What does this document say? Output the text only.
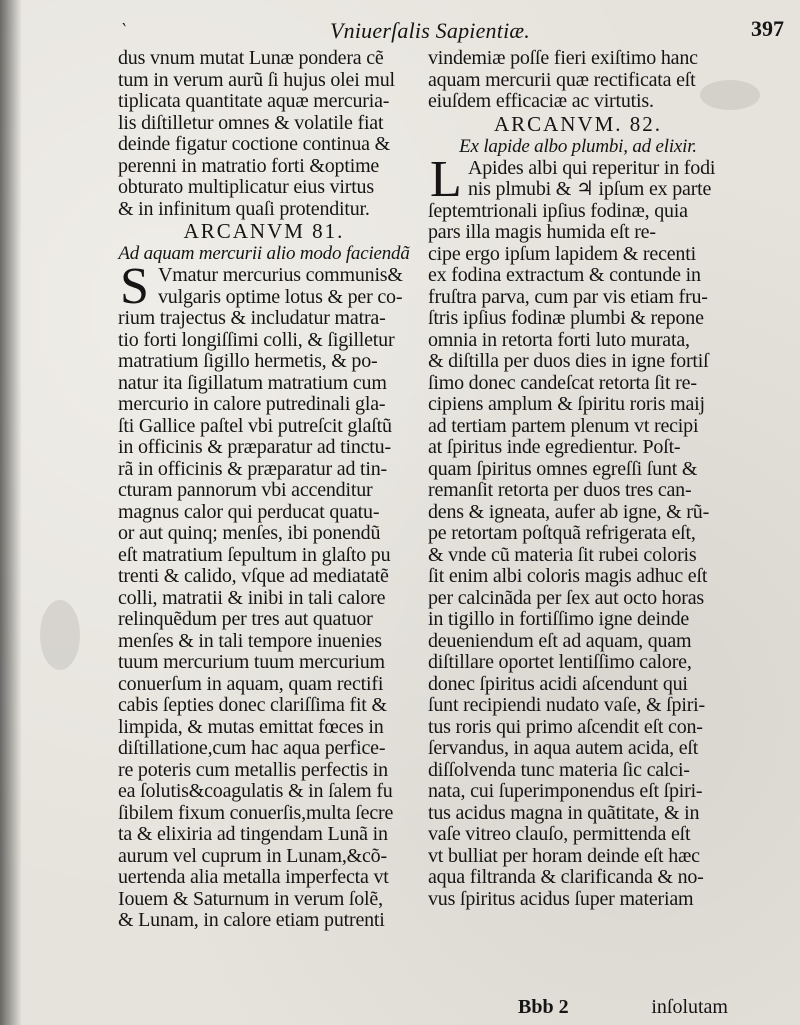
‵	Vniuerſalis Sapientiæ.	397
dus vnum mutat Lunæ pondera cẽ
tum in verum aurũ ſi hujus olei mul
tiplicata quantitate aquæ mercuria-
lis diſtilletur omnes & volatile fiat
deinde figatur coctione continua &
perenni in matratio forti &optime
obturato multiplicatur eius virtus
& in infinitum quaſi protenditur.
ARCANVM 81.
Ad aquam mercurii alio modo faciendã
S Vmatur mercurius communis&
vulgaris optime lotus & per co-
rium trajectus & includatur matra-
tio forti longiſſimi colli, & ſigilletur
matratium ſigillo hermetis, & po-
natur ita ſigillatum matratium cum
mercurio in calore putredinali gla-
ſti Gallice paſtel vbi putreſcit glaſtũ
in officinis & præparatur ad tinctu-
rã in officinis & præparatur ad tin-
cturam pannorum vbi accenditur
magnus calor qui perducat quatu-
or aut quinq; menſes, ibi ponendũ
eſt matratium ſepultum in glaſto pu
trenti & calido, vſque ad mediatatẽ
colli, matratii & inibi in tali calore
relinquẽdum per tres aut quatuor
menſes & in tali tempore inuenies
tuum mercurium tuum mercurium
conuerſum in aquam, quam rectifi
cabis ſepties donec clariſſima fit &
limpida, & mutas emittat fœces in
diſtillatione,cum hac aqua perfice-
re poteris cum metallis perfectis in
ea ſolutis&coagulatis & in ſalem fu
ſibilem fixum conuerſis,multa ſecre
ta & elixiria ad tingendam Lunã in
aurum vel cuprum in Lunam,&cõ-
uertenda alia metalla imperfecta vt
Iouem & Saturnum in verum ſolẽ,
& Lunam, in calore etiam putrenti
vindemiæ poſſe fieri exiſtimo hanc
aquam mercurii quæ rectificata eſt
eiuſdem efficaciæ ac virtutis.
ARCANVM. 82.
Ex lapide albo plumbi, ad elixir.
L Apides albi qui reperitur in fodi
nis plmubi & ♃ ipſum ex parte
ſeptemtrionali ipſius fodinæ, quia
pars illa magis humida eſt re-
cipe ergo ipſum lapidem & recenti
ex fodina extractum & contunde in
fruſtra parva, cum par vis etiam fru-
ſtris ipſius fodinæ plumbi & repone
omnia in retorta forti luto murata,
& diſtilla per duos dies in igne fortiſ
ſimo donec candeſcat retorta ſit re-
cipiens amplum & ſpiritu roris maij
ad tertiam partem plenum vt recipi
at ſpiritus inde egredientur. Poſt-
quam ſpiritus omnes egreſſi ſunt &
remanſit retorta per duos tres can-
dens & igneata, aufer ab igne, & rũ-
pe retortam poſtquã refrigerata eſt,
& vnde cũ materia ſit rubei coloris
ſit enim albi coloris magis adhuc eſt
per calcinãda per ſex aut octo horas
in tigillo in fortiſſimo igne deinde
deueniendum eſt ad aquam, quam
diſtillare oportet lentiſſimo calore,
donec ſpiritus acidi aſcendunt qui
ſunt recipiendi nudato vaſe, & ſpiri-
tus roris qui primo aſcendit eſt con-
ſervandus, in aqua autem acida, eſt
diſſolvenda tunc materia ſic calci-
nata, cui ſuperimponendus eſt ſpiri-
tus acidus magna in quãtitate, & in
vaſe vitreo clauſo, permittenda eſt
vt bulliat per horam deinde eſt hæc
aqua filtranda & clarificanda & no-
vus ſpiritus acidus ſuper materiam
Bbb 2	inſolutam
